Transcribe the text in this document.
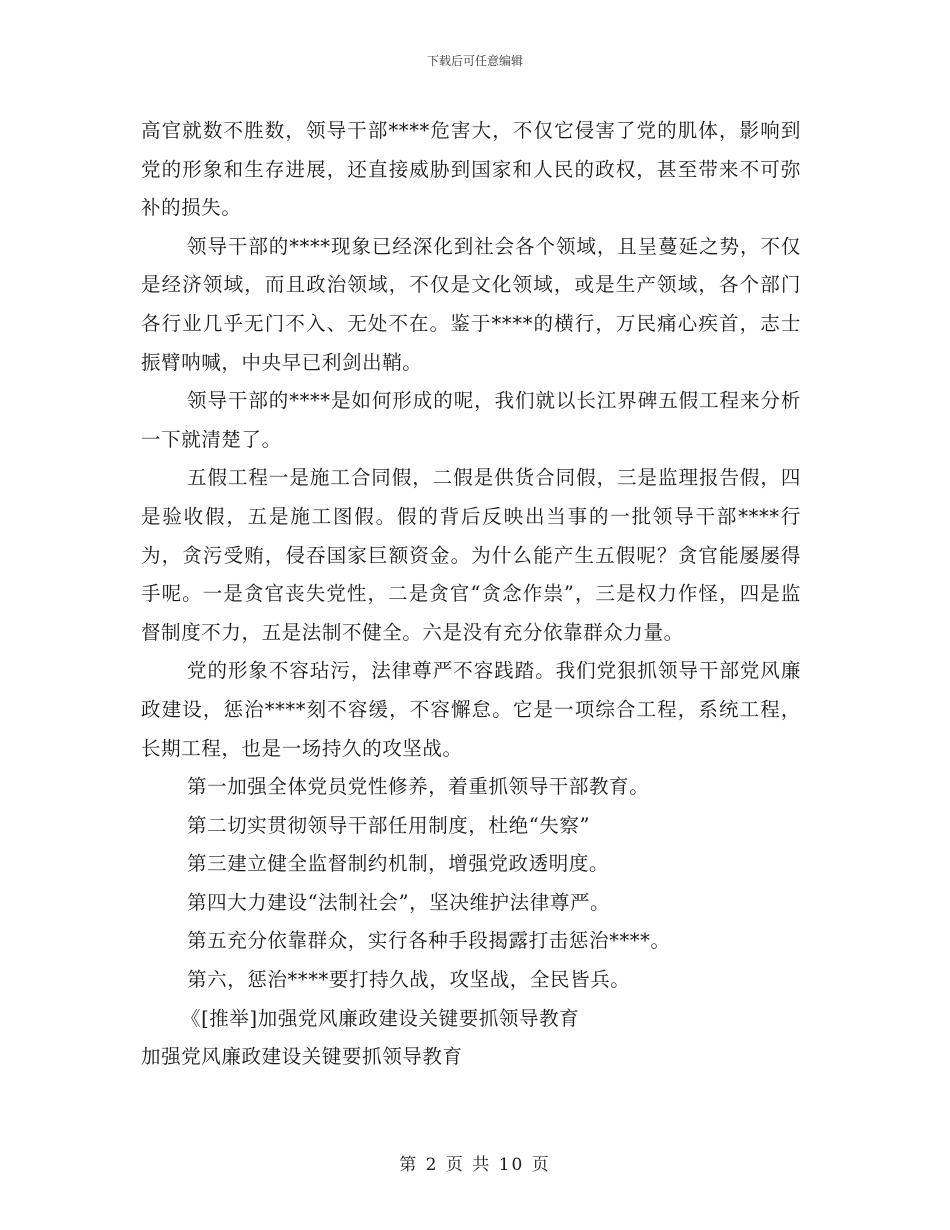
下载后可任意编辑

高官就数不胜数，领导干部****危害大，不仅它侵害了党的肌体，影响到党的形象和生存进展，还直接威胁到国家和人民的政权，甚至带来不可弥补的损失。

领导干部的****现象已经深化到社会各个领域，且呈蔓延之势，不仅是经济领域，而且政治领域，不仅是文化领域，或是生产领域，各个部门各行业几乎无门不入、无处不在。鉴于****的横行，万民痛心疾首，志士振臂呐喊，中央早已利剑出鞘。

领导干部的****是如何形成的呢，我们就以长江界碑五假工程来分析一下就清楚了。

五假工程一是施工合同假，二假是供货合同假，三是监理报告假，四是验收假，五是施工图假。假的背后反映出当事的一批领导干部****行为，贪污受贿，侵吞国家巨额资金。为什么能产生五假呢？贪官能屡屡得手呢。一是贪官丧失党性，二是贪官“贪念作祟”，三是权力作怪，四是监督制度不力，五是法制不健全。六是没有充分依靠群众力量。

党的形象不容玷污，法律尊严不容践踏。我们党狠抓领导干部党风廉政建设，惩治****刻不容缓，不容懈怠。它是一项综合工程，系统工程，长期工程，也是一场持久的攻坚战。

第一加强全体党员党性修养，着重抓领导干部教育。

第二切实贯彻领导干部任用制度，杜绝“失察”

第三建立健全监督制约机制，增强党政透明度。

第四大力建设“法制社会”，坚决维护法律尊严。

第五充分依靠群众，实行各种手段揭露打击惩治****。

第六，惩治****要打持久战，攻坚战，全民皆兵。

《[推举]加强党风廉政建设关键要抓领导教育

加强党风廉政建设关键要抓领导教育

第 2 页 共 10 页
